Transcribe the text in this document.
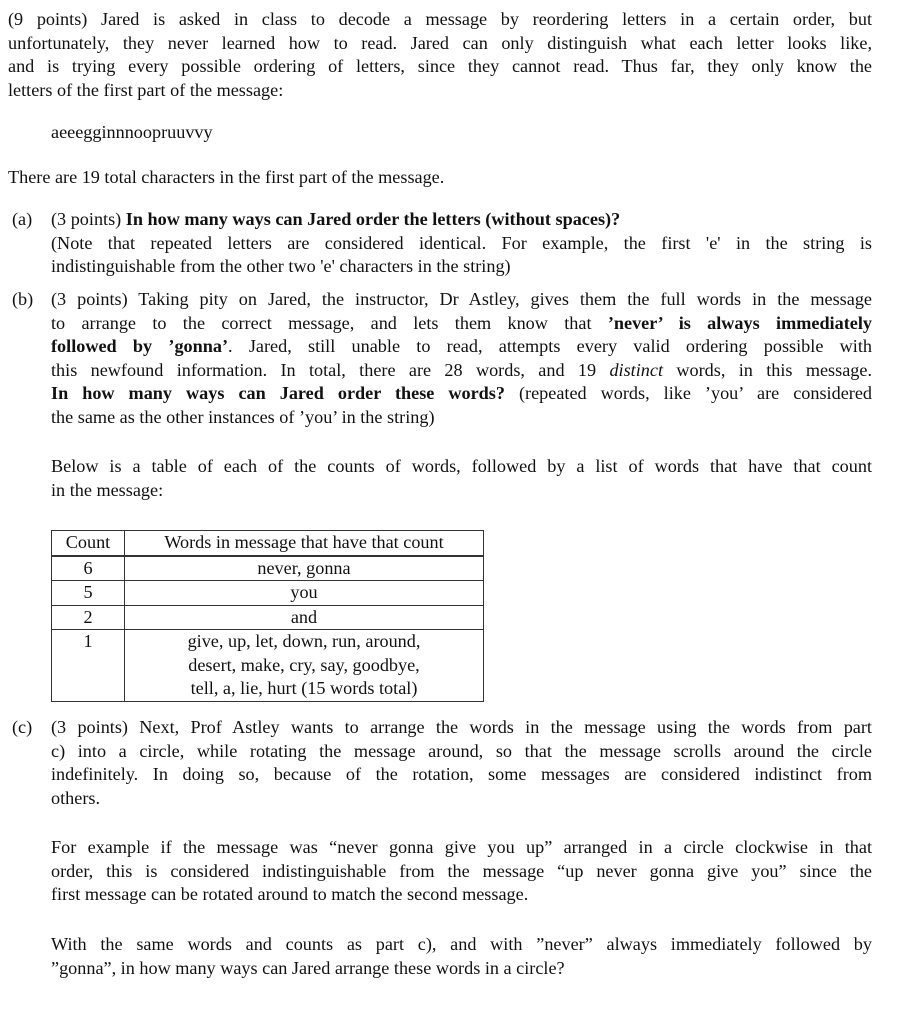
(9 points) Jared is asked in class to decode a message by reordering letters in a certain order, but
unfortunately, they never learned how to read. Jared can only distinguish what each letter looks like,
and is trying every possible ordering of letters, since they cannot read. Thus far, they only know the
letters of the first part of the message:
aeeegginnnoopruuvvy
There are 19 total characters in the first part of the message.
(a) (3 points) In how many ways can Jared order the letters (without spaces)?
(Note that repeated letters are considered identical. For example, the first 'e' in the string is
indistinguishable from the other two 'e' characters in the string)
(b) (3 points) Taking pity on Jared, the instructor, Dr Astley, gives them the full words in the message
to arrange to the correct message, and lets them know that ’never’ is always immediately
followed by ’gonna’. Jared, still unable to read, attempts every valid ordering possible with
this newfound information. In total, there are 28 words, and 19 distinct words, in this message.
In how many ways can Jared order these words? (repeated words, like ’you’ are considered
the same as the other instances of ’you’ in the string)
Below is a table of each of the counts of words, followed by a list of words that have that count
in the message:
Count	Words in message that have that count
6	never, gonna
5	you
2	and
1	give, up, let, down, run, around,
desert, make, cry, say, goodbye,
tell, a, lie, hurt (15 words total)
(c) (3 points) Next, Prof Astley wants to arrange the words in the message using the words from part
c) into a circle, while rotating the message around, so that the message scrolls around the circle
indefinitely. In doing so, because of the rotation, some messages are considered indistinct from
others.
For example if the message was “never gonna give you up” arranged in a circle clockwise in that
order, this is considered indistinguishable from the message “up never gonna give you” since the
first message can be rotated around to match the second message.
With the same words and counts as part c), and with ”never” always immediately followed by
”gonna”, in how many ways can Jared arrange these words in a circle?
